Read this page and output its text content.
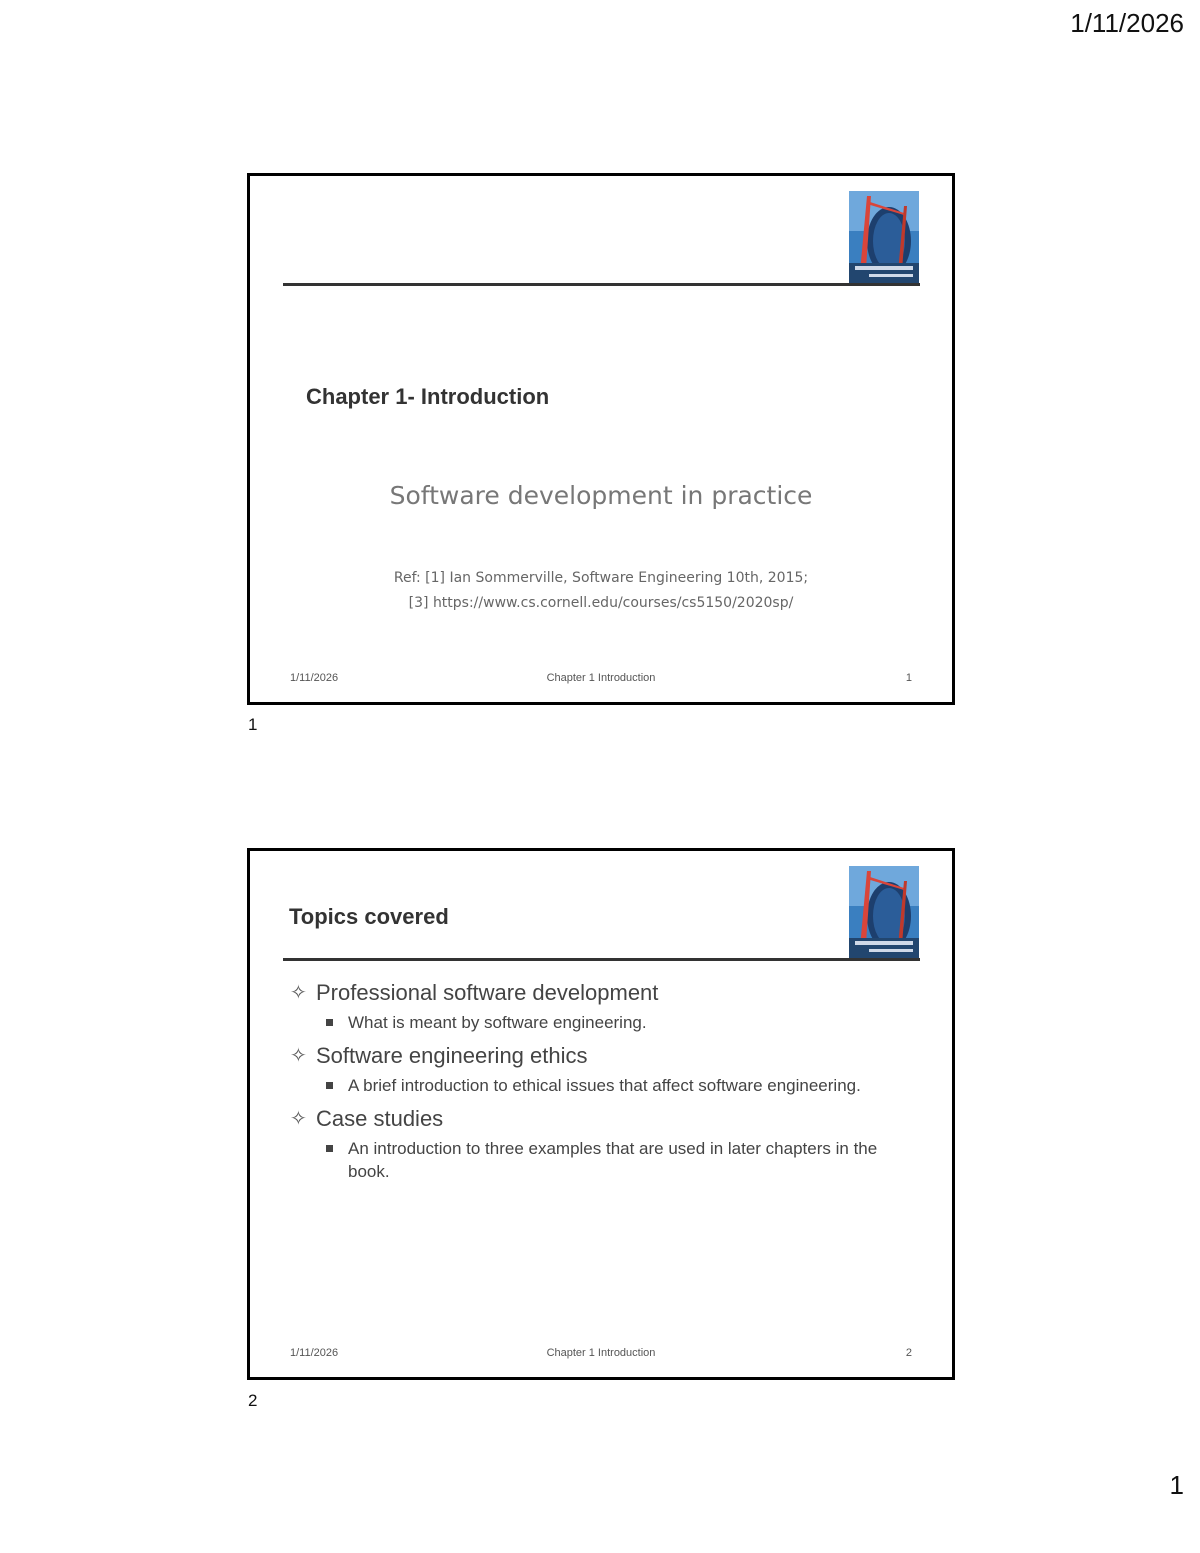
1/11/2026
Chapter 1- Introduction
Software development in practice
Ref: [1] Ian Sommerville, Software Engineering 10th, 2015;
[3] https://www.cs.cornell.edu/courses/cs5150/2020sp/
1/11/2026	Chapter 1 Introduction	1
1
Topics covered
✧ Professional software development
What is meant by software engineering.
✧ Software engineering ethics
A brief introduction to ethical issues that affect software engineering.
✧ Case studies
An introduction to three examples that are used in later chapters in the book.
1/11/2026	Chapter 1 Introduction	2
2
1
